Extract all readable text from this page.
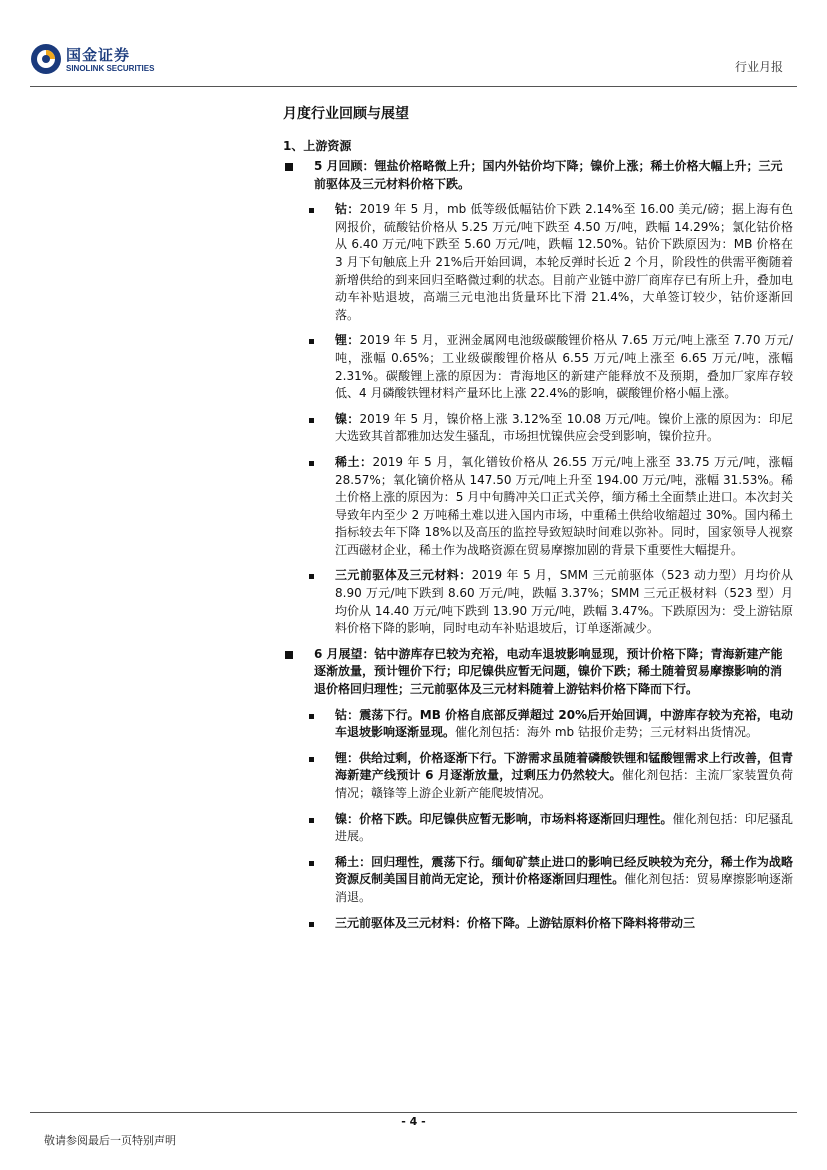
国金证券
SINOLINK SECURITIES	行业月报
月度行业回顾与展望
1、上游资源
5 月回顾：锂盐价格略微上升；国内外钴价均下降；镍价上涨；稀土价格大幅上升；三元前驱体及三元材料价格下跌。
钴：2019 年 5 月，mb 低等级低幅钴价下跌 2.14%至 16.00 美元/磅；据上海有色网报价，硫酸钴价格从 5.25 万元/吨下跌至 4.50 万/吨，跌幅 14.29%；氯化钴价格从 6.40 万元/吨下跌至 5.60 万元/吨，跌幅 12.50%。钴价下跌原因为：MB 价格在 3 月下旬触底上升 21%后开始回调，本轮反弹时长近 2 个月，阶段性的供需平衡随着新增供给的到来回归至略微过剩的状态。目前产业链中游厂商库存已有所上升，叠加电动车补贴退坡，高端三元电池出货量环比下滑 21.4%，大单签订较少，钴价逐渐回落。
锂：2019 年 5 月，亚洲金属网电池级碳酸锂价格从 7.65 万元/吨上涨至 7.70 万元/吨，涨幅 0.65%；工业级碳酸锂价格从 6.55 万元/吨上涨至 6.65 万元/吨，涨幅 2.31%。碳酸锂上涨的原因为：青海地区的新建产能释放不及预期，叠加厂家库存较低、4 月磷酸铁锂材料产量环比上涨 22.4%的影响，碳酸锂价格小幅上涨。
镍：2019 年 5 月，镍价格上涨 3.12%至 10.08 万元/吨。镍价上涨的原因为：印尼大选致其首都雅加达发生骚乱，市场担忧镍供应会受到影响，镍价拉升。
稀土：2019 年 5 月，氧化镨钕价格从 26.55 万元/吨上涨至 33.75 万元/吨，涨幅 28.57%；氧化镝价格从 147.50 万元/吨上升至 194.00 万元/吨，涨幅 31.53%。稀土价格上涨的原因为：5 月中旬腾冲关口正式关停，缅方稀土全面禁止进口。本次封关导致年内至少 2 万吨稀土难以进入国内市场，中重稀土供给收缩超过 30%。国内稀土指标较去年下降 18%以及高压的监控导致短缺时间难以弥补。同时，国家领导人视察江西磁材企业，稀土作为战略资源在贸易摩擦加剧的背景下重要性大幅提升。
三元前驱体及三元材料：2019 年 5 月，SMM 三元前驱体（523 动力型）月均价从 8.90 万元/吨下跌到 8.60 万元/吨，跌幅 3.37%；SMM 三元正极材料（523 型）月均价从 14.40 万元/吨下跌到 13.90 万元/吨，跌幅 3.47%。下跌原因为：受上游钴原料价格下降的影响，同时电动车补贴退坡后，订单逐渐减少。
6 月展望：钴中游库存已较为充裕，电动车退坡影响显现，预计价格下降；青海新建产能逐渐放量，预计锂价下行；印尼镍供应暂无问题，镍价下跌；稀土随着贸易摩擦影响的消退价格回归理性；三元前驱体及三元材料随着上游钴料价格下降而下行。
钴：震荡下行。MB 价格自底部反弹超过 20%后开始回调，中游库存较为充裕，电动车退坡影响逐渐显现。催化剂包括：海外 mb 钴报价走势；三元材料出货情况。
锂：供给过剩，价格逐渐下行。下游需求虽随着磷酸铁锂和锰酸锂需求上行改善，但青海新建产线预计 6 月逐渐放量，过剩压力仍然较大。催化剂包括：主流厂家装置负荷情况；赣锋等上游企业新产能爬坡情况。
镍：价格下跌。印尼镍供应暂无影响，市场料将逐渐回归理性。催化剂包括：印尼骚乱进展。
稀土：回归理性，震荡下行。缅甸矿禁止进口的影响已经反映较为充分，稀土作为战略资源反制美国目前尚无定论，预计价格逐渐回归理性。催化剂包括：贸易摩擦影响逐渐消退。
三元前驱体及三元材料：价格下降。上游钴原料价格下降料将带动三
- 4 -
敬请参阅最后一页特别声明
